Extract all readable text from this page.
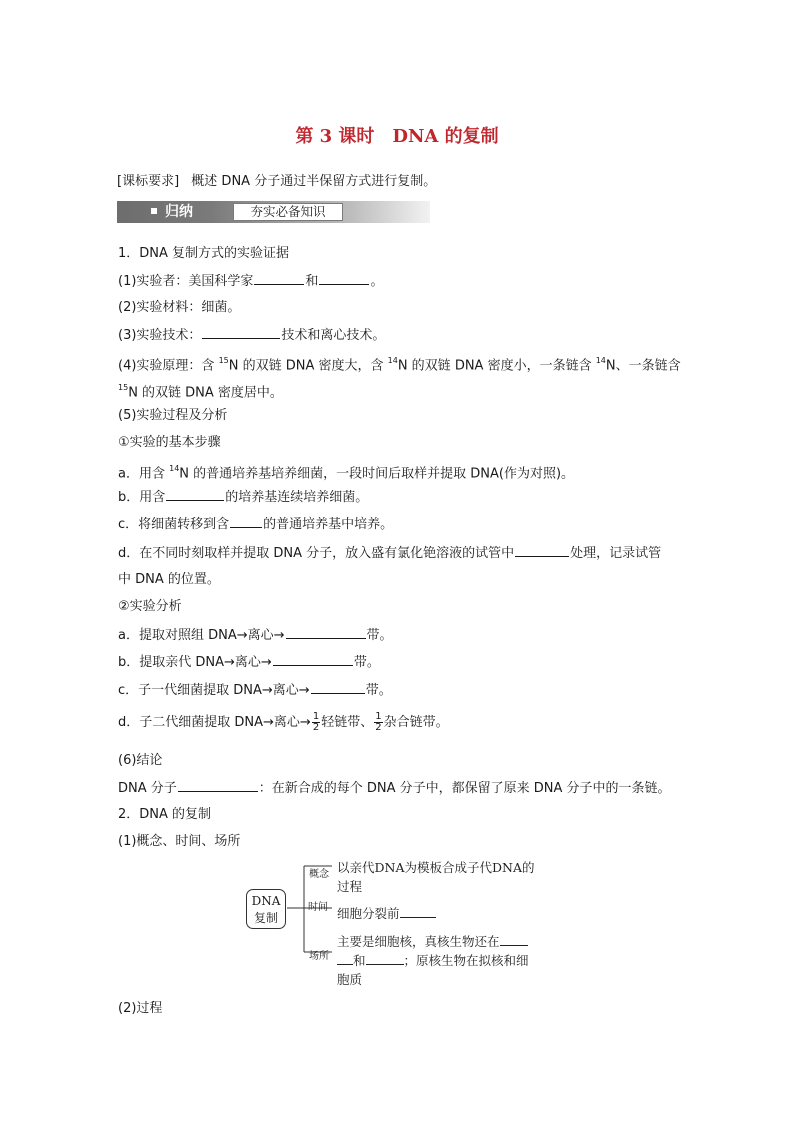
第 3 课时　DNA 的复制
[课标要求] 概述 DNA 分子通过半保留方式进行复制。
归纳	夯实必备知识
1．DNA 复制方式的实验证据
(1)实验者：美国科学家	和	。
(2)实验材料：细菌。
(3)实验技术：	技术和离心技术。
(4)实验原理：含 $^{15}$N 的双链 DNA 密度大，含 $^{14}$N 的双链 DNA 密度小，一条链含 $^{14}$N、一条链含
$^{15}$N 的双链 DNA 密度居中。
(5)实验过程及分析
①实验的基本步骤
a．用含 $^{14}$N 的普通培养基培养细菌，一段时间后取样并提取 DNA(作为对照)。
b．用含	的培养基连续培养细菌。
c．将细菌转移到含	的普通培养基中培养。
d．在不同时刻取样并提取 DNA 分子，放入盛有氯化铯溶液的试管中	处理，记录试管
中 DNA 的位置。
②实验分析
a．提取对照组 DNA→离心→	带。
b．提取亲代 DNA→离心→	带。
c．子一代细菌提取 DNA→离心→	带。
d．子二代细菌提取 DNA→离心→ $\frac{1}{2}$ 轻链带、 $\frac{1}{2}$ 杂合链带。
(6)结论
DNA 分子	：在新合成的每个 DNA 分子中，都保留了原来 DNA 分子中的一条链。
2．DNA 的复制
(1)概念、时间、场所
DNA
复制
概念
时间
场所
以亲代DNA为模板合成子代DNA的
过程
细胞分裂前
主要是细胞核，真核生物还在
和	；原核生物在拟核和细
胞质
(2)过程
